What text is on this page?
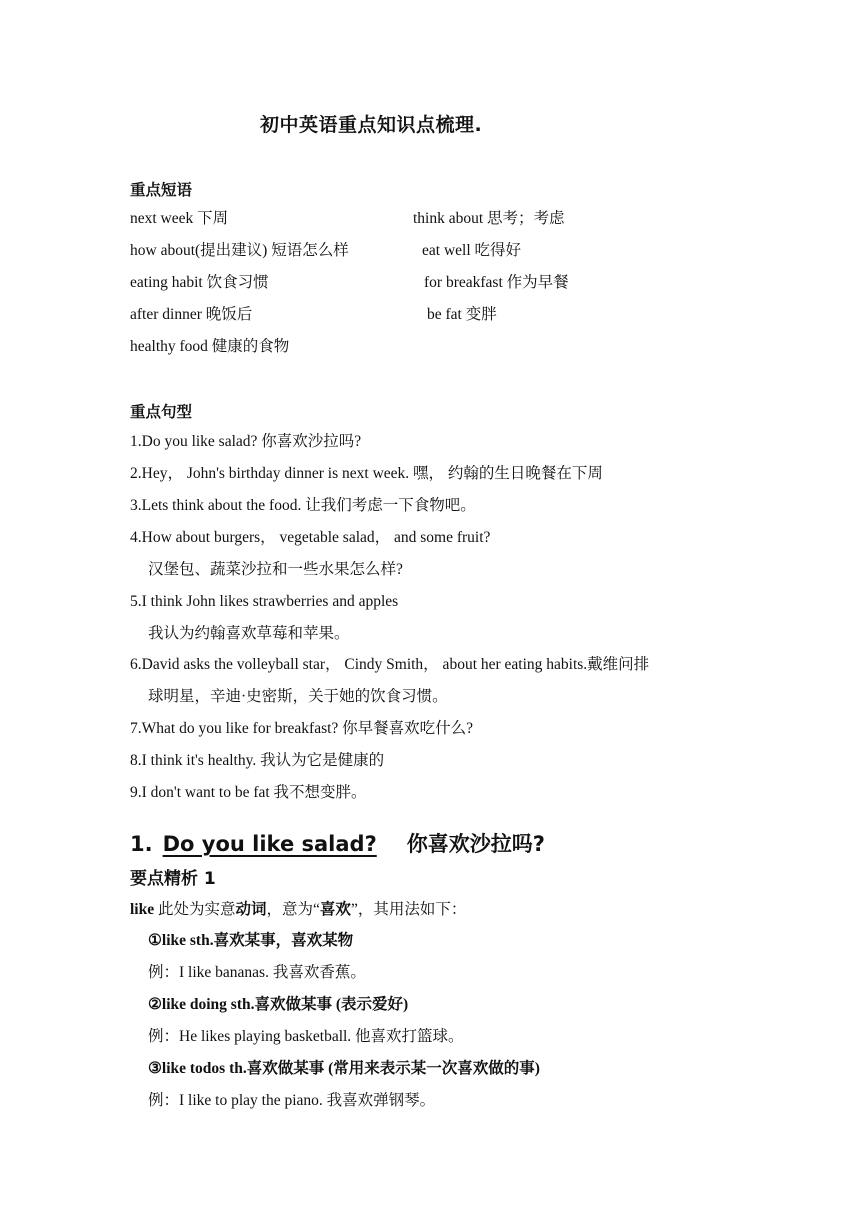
初中英语重点知识点梳理.
重点短语
next week 下周	think about 思考；考虑
how about(提出建议) 短语怎么样	eat well 吃得好
eating habit 饮食习惯	for breakfast 作为早餐
after dinner 晚饭后	be fat 变胖
healthy food 健康的食物
重点句型
1.Do you like salad? 你喜欢沙拉吗?
2.Hey， John's birthday dinner is next week. 嘿， 约翰的生日晚餐在下周
3.Lets think about the food. 让我们考虑一下食物吧。
4.How about burgers， vegetable salad， and some fruit?
汉堡包、蔬菜沙拉和一些水果怎么样?
5.I think John likes strawberries and apples
我认为约翰喜欢草莓和苹果。
6.David asks the volleyball star， Cindy Smith， about her eating habits.戴维问排
球明星，辛迪·史密斯，关于她的饮食习惯。
7.What do you like for breakfast? 你早餐喜欢吃什么?
8.I think it's healthy. 我认为它是健康的
9.I don't want to be fat 我不想变胖。
1. Do you like salad? 你喜欢沙拉吗?
要点精析 1
like 此处为实意动词，意为“喜欢”，其用法如下：
①like sth.喜欢某事，喜欢某物
例：I like bananas. 我喜欢香蕉。
②like doing sth.喜欢做某事 (表示爱好)
例：He likes playing basketball. 他喜欢打篮球。
③like todos th.喜欢做某事 (常用来表示某一次喜欢做的事)
例：I like to play the piano. 我喜欢弹钢琴。
